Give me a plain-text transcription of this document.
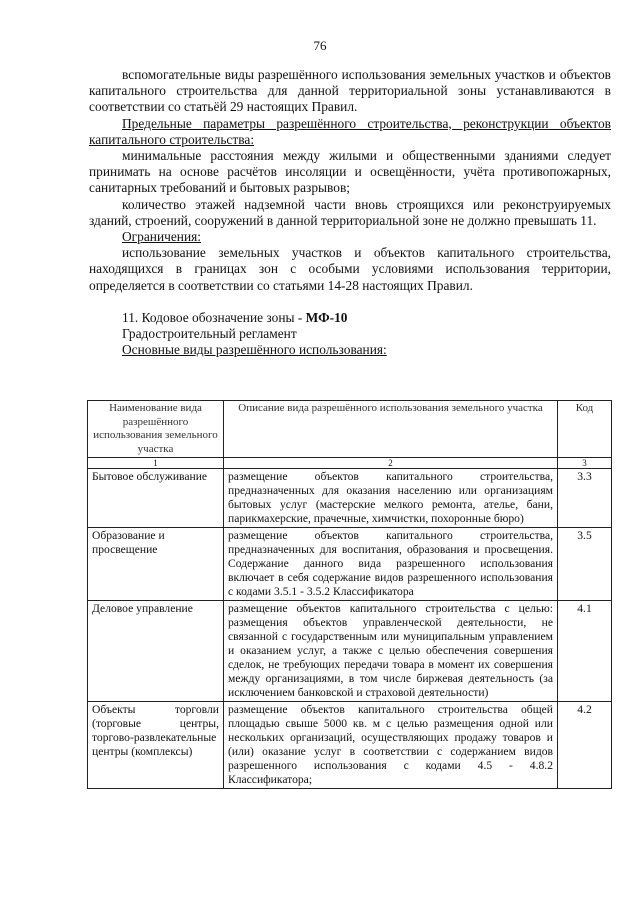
76

вспомогательные виды разрешённого использования земельных участков и объектов капитального строительства для данной территориальной зоны устанавливаются в соответствии со статьёй 29 настоящих Правил.

Предельные параметры разрешённого строительства, реконструкции объектов капитального строительства:

минимальные расстояния между жилыми и общественными зданиями следует принимать на основе расчётов инсоляции и освещённости, учёта противопожарных, санитарных требований и бытовых разрывов;

количество этажей надземной части вновь строящихся или реконструируемых зданий, строений, сооружений в данной территориальной зоне не должно превышать 11.

Ограничения:

использование земельных участков и объектов капитального строительства, находящихся в границах зон с особыми условиями использования территории, определяется в соответствии со статьями 14-28 настоящих Правил.

11. Кодовое обозначение зоны - МФ-10

Градостроительный регламент

Основные виды разрешённого использования:

Наименование вида разрешённого использования земельного участка	Описание вида разрешённого использования земельного участка	Код
1	2	3
Бытовое обслуживание	размещение объектов капитального строительства, предназначенных для оказания населению или организациям бытовых услуг (мастерские мелкого ремонта, ателье, бани, парикмахерские, прачечные, химчистки, похоронные бюро)	3.3
Образование и просвещение	размещение объектов капитального строительства, предназначенных для воспитания, образования и просвещения. Содержание данного вида разрешенного использования включает в себя содержание видов разрешенного использования с кодами 3.5.1 - 3.5.2 Классификатора	3.5
Деловое управление	размещение объектов капитального строительства с целью: размещения объектов управленческой деятельности, не связанной с государственным или муниципальным управлением и оказанием услуг, а также с целью обеспечения совершения сделок, не требующих передачи товара в момент их совершения между организациями, в том числе биржевая деятельность (за исключением банковской и страховой деятельности)	4.1
Объекты торговли (торговые центры, торгово-развлекательные центры (комплексы)	размещение объектов капитального строительства общей площадью свыше 5000 кв. м с целью размещения одной или нескольких организаций, осуществляющих продажу товаров и (или) оказание услуг в соответствии с содержанием видов разрешенного использования с кодами 4.5 - 4.8.2 Классификатора;	4.2
